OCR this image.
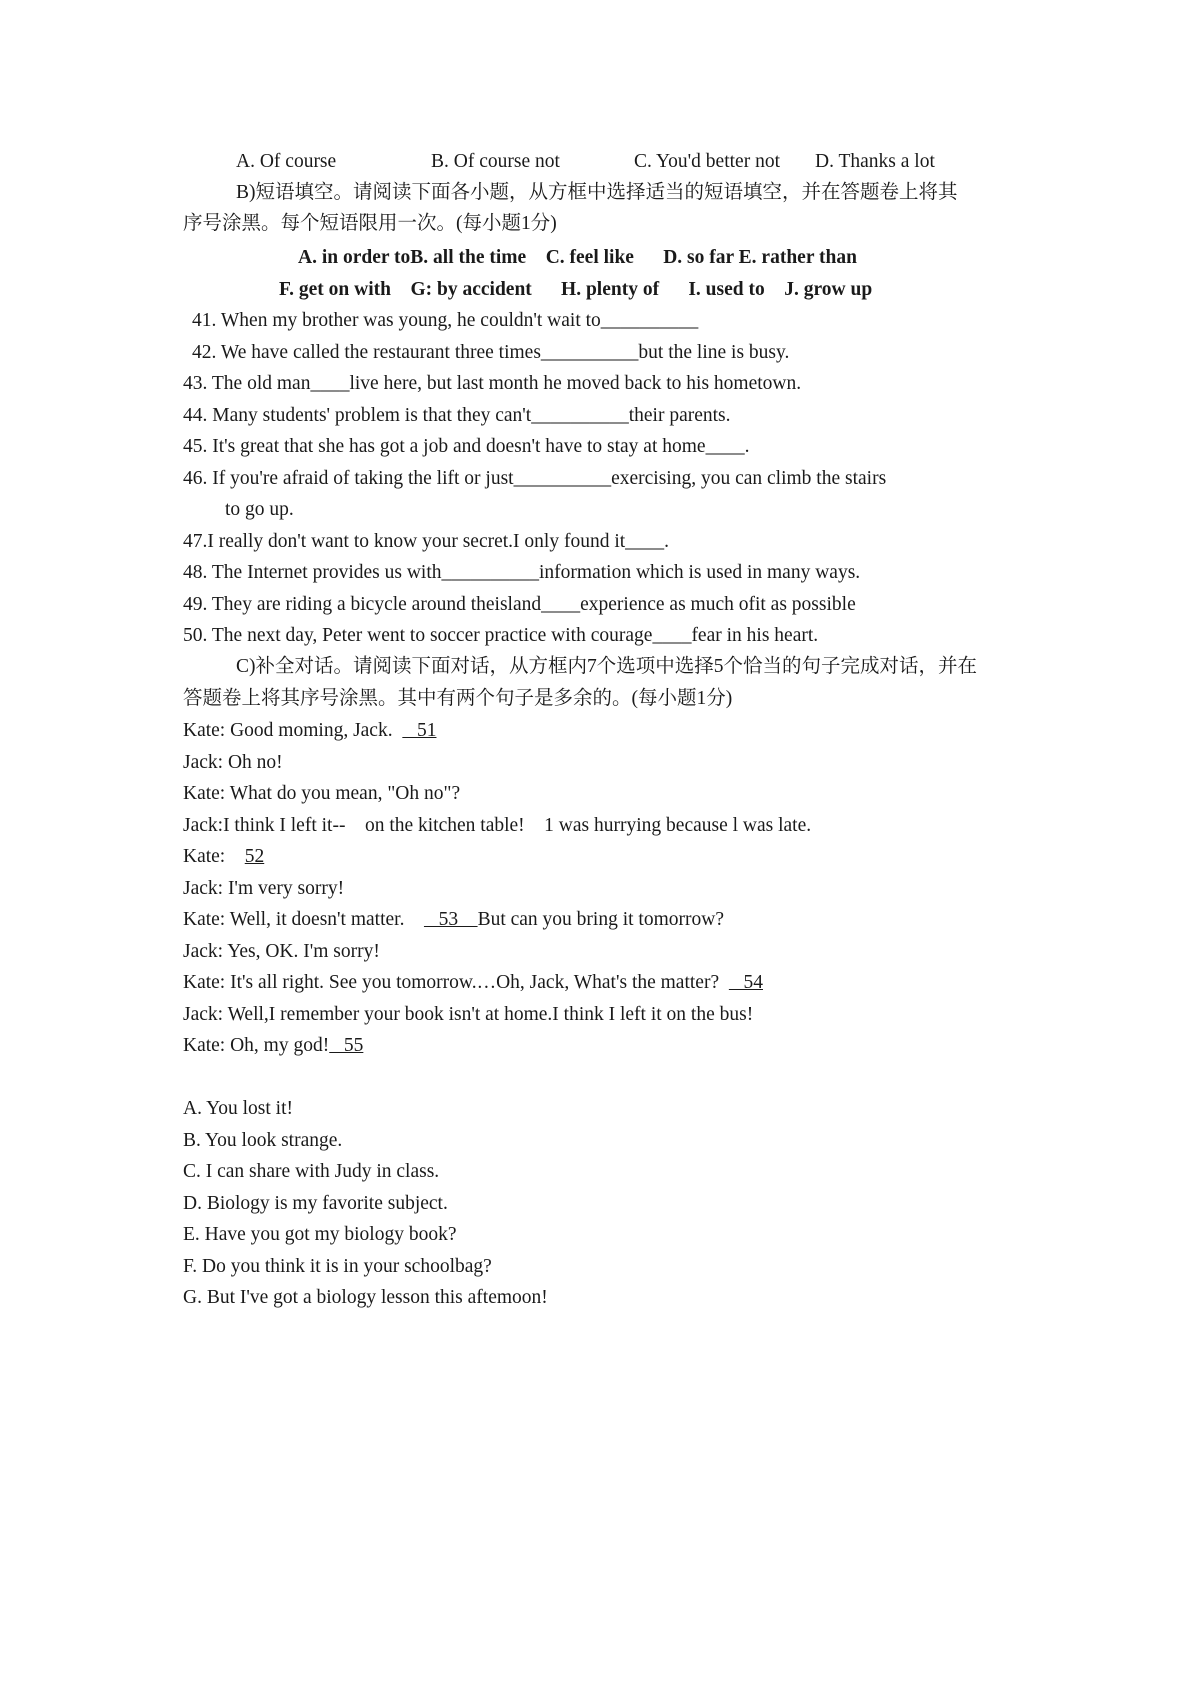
A. Of course	B. Of course not	C. You'd better not D. Thanks a lot
B)短语填空。请阅读下面各小题，从方框中选择适当的短语填空，并在答题卷上将其
序号涂黑。每个短语限用一次。(每小题1分)
A. in order toB. all the time    C. feel like      D. so far E. rather than
F. get on with    G: by accident      H. plenty of      I. used to    J. grow up
41. When my brother was young, he couldn't wait to__________
42. We have called the restaurant three times__________but the line is busy.
43. The old man____live here, but last month he moved back to his hometown.
44. Many students' problem is that they can't__________their parents.
45. It's great that she has got a job and doesn't have to stay at home____.
46. If you're afraid of taking the lift or just__________exercising, you can climb the stairs
to go up.
47.I really don't want to know your secret.I only found it____.
48. The Internet provides us with__________information which is used in many ways.
49. They are riding a bicycle around theisland____experience as much ofit as possible
50. The next day, Peter went to soccer practice with courage____fear in his heart.
C)补全对话。请阅读下面对话，从方框内7个选项中选择5个恰当的句子完成对话，并在
答题卷上将其序号涂黑。其中有两个句子是多余的。(每小题1分)
Kate: Good moming, Jack.     51
Jack: Oh no!
Kate: What do you mean, "Oh no"?
Jack:I think I left it--    on the kitchen table!    1 was hurrying because l was late.
Kate:    52
Jack: I'm very sorry!
Kate: Well, it doesn't matter.       53    But can you bring it tomorrow?
Jack: Yes, OK. I'm sorry!
Kate: It's all right. See you tomorrow.…Oh, Jack, What's the matter?     54
Jack: Well,I remember your book isn't at home.I think I left it on the bus!
Kate: Oh, my god!   55
A. You lost it!
B. You look strange.
C. I can share with Judy in class.
D. Biology is my favorite subject.
E. Have you got my biology book?
F. Do you think it is in your schoolbag?
G. But I've got a biology lesson this aftemoon!
